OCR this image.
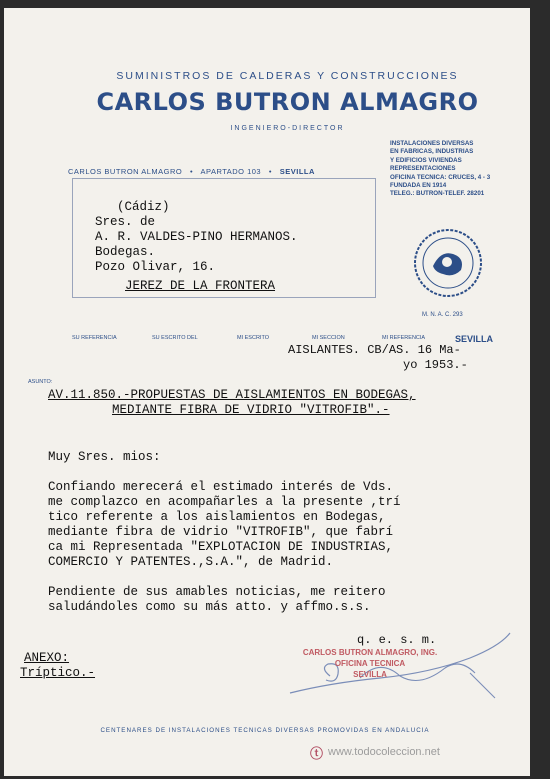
SUMINISTROS DE CALDERAS Y CONSTRUCCIONES
CARLOS BUTRON ALMAGRO
INGENIERO-DIRECTOR
CARLOS BUTRON ALMAGRO   •   APARTADO 103   •   SEVILLA
INSTALACIONES DIVERSAS
EN FABRICAS, INDUSTRIAS
Y EDIFICIOS VIVIENDAS
REPRESENTACIONES
OFICINA TECNICA: CRUCES, 4 - 3
FUNDADA EN 1914
TELEG.: BUTRON-TELEF. 28201
(Cádiz)
Sres. de
A. R. VALDES-PINO HERMANOS.
Bodegas.
Pozo Olivar, 16.
JEREZ DE LA FRONTERA
M. N. A. C. 293
SU REFERENCIA	SU ESCRITO DEL	MI ESCRITO	MI SECCION	MI REFERENCIA	SEVILLA
AISLANTES. CB/AS. 16 Ma-
yo 1953.-
ASUNTO:
AV.11.850.-PROPUESTAS DE AISLAMIENTOS EN BODEGAS,
MEDIANTE FIBRA DE VIDRIO "VITROFIB".-

Muy Sres. mios:

Confiando merecerá el estimado interés de Vds.
me complazco en acompañarles a la presente ,trí
tico referente a los aislamientos en Bodegas,
mediante fibra de vidrio "VITROFIB", que fabrí
ca mi Representada "EXPLOTACION DE INDUSTRIAS,
COMERCIO Y PATENTES.,S.A.", de Madrid.

Pendiente de sus amables noticias, me reitero
saludándoles como su más atto. y affmo.s.s.

q. e. s. m.
CARLOS BUTRON ALMAGRO, ING.
OFICINA TECNICA
SEVILLA
ANEXO:
Tríptico.-
CENTENARES DE INSTALACIONES TECNICAS DIVERSAS PROMOVIDAS EN ANDALUCIA
ⓣ www.todocoleccion.net
